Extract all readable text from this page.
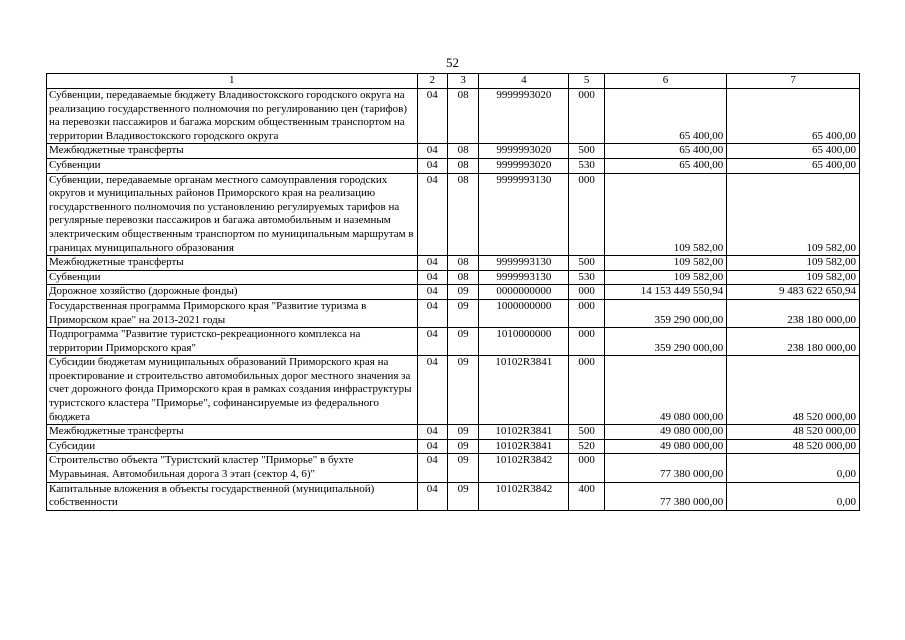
52
1	2	3	4	5	6	7
Субвенции, передаваемые бюджету Владивостокского городского округа на реализацию государственного полномочия по регулированию цен (тарифов) на перевозки пассажиров и багажа морским общественным транспортом на территории Владивостокского городского округа	04	08	9999993020	000	65 400,00	65 400,00
Межбюджетные трансферты	04	08	9999993020	500	65 400,00	65 400,00
Субвенции	04	08	9999993020	530	65 400,00	65 400,00
Субвенции, передаваемые органам местного самоуправления городских округов и муниципальных районов Приморского края на реализацию государственного полномочия по установлению регулируемых тарифов на регулярные перевозки пассажиров и багажа автомобильным и наземным электрическим общественным транспортом по муниципальным маршрутам в границах муниципального образования	04	08	9999993130	000	109 582,00	109 582,00
Межбюджетные трансферты	04	08	9999993130	500	109 582,00	109 582,00
Субвенции	04	08	9999993130	530	109 582,00	109 582,00
Дорожное хозяйство (дорожные фонды)	04	09	0000000000	000	14 153 449 550,94	9 483 622 650,94
Государственная программа Приморского края "Развитие туризма в Приморском крае" на 2013-2021 годы	04	09	1000000000	000	359 290 000,00	238 180 000,00
Подпрограмма "Развитие туристско-рекреационного комплекса на территории Приморского края"	04	09	1010000000	000	359 290 000,00	238 180 000,00
Субсидии бюджетам муниципальных образований Приморского края на проектирование и строительство автомобильных дорог местного значения за счет дорожного фонда Приморского края в рамках создания инфраструктуры туристского кластера "Приморье", софинансируемые из федерального бюджета	04	09	10102R3841	000	49 080 000,00	48 520 000,00
Межбюджетные трансферты	04	09	10102R3841	500	49 080 000,00	48 520 000,00
Субсидии	04	09	10102R3841	520	49 080 000,00	48 520 000,00
Строительство объекта "Туристский кластер "Приморье" в бухте Муравьиная. Автомобильная дорога 3 этап (сектор 4, 6)"	04	09	10102R3842	000	77 380 000,00	0,00
Капитальные вложения в объекты государственной (муниципальной) собственности	04	09	10102R3842	400	77 380 000,00	0,00
